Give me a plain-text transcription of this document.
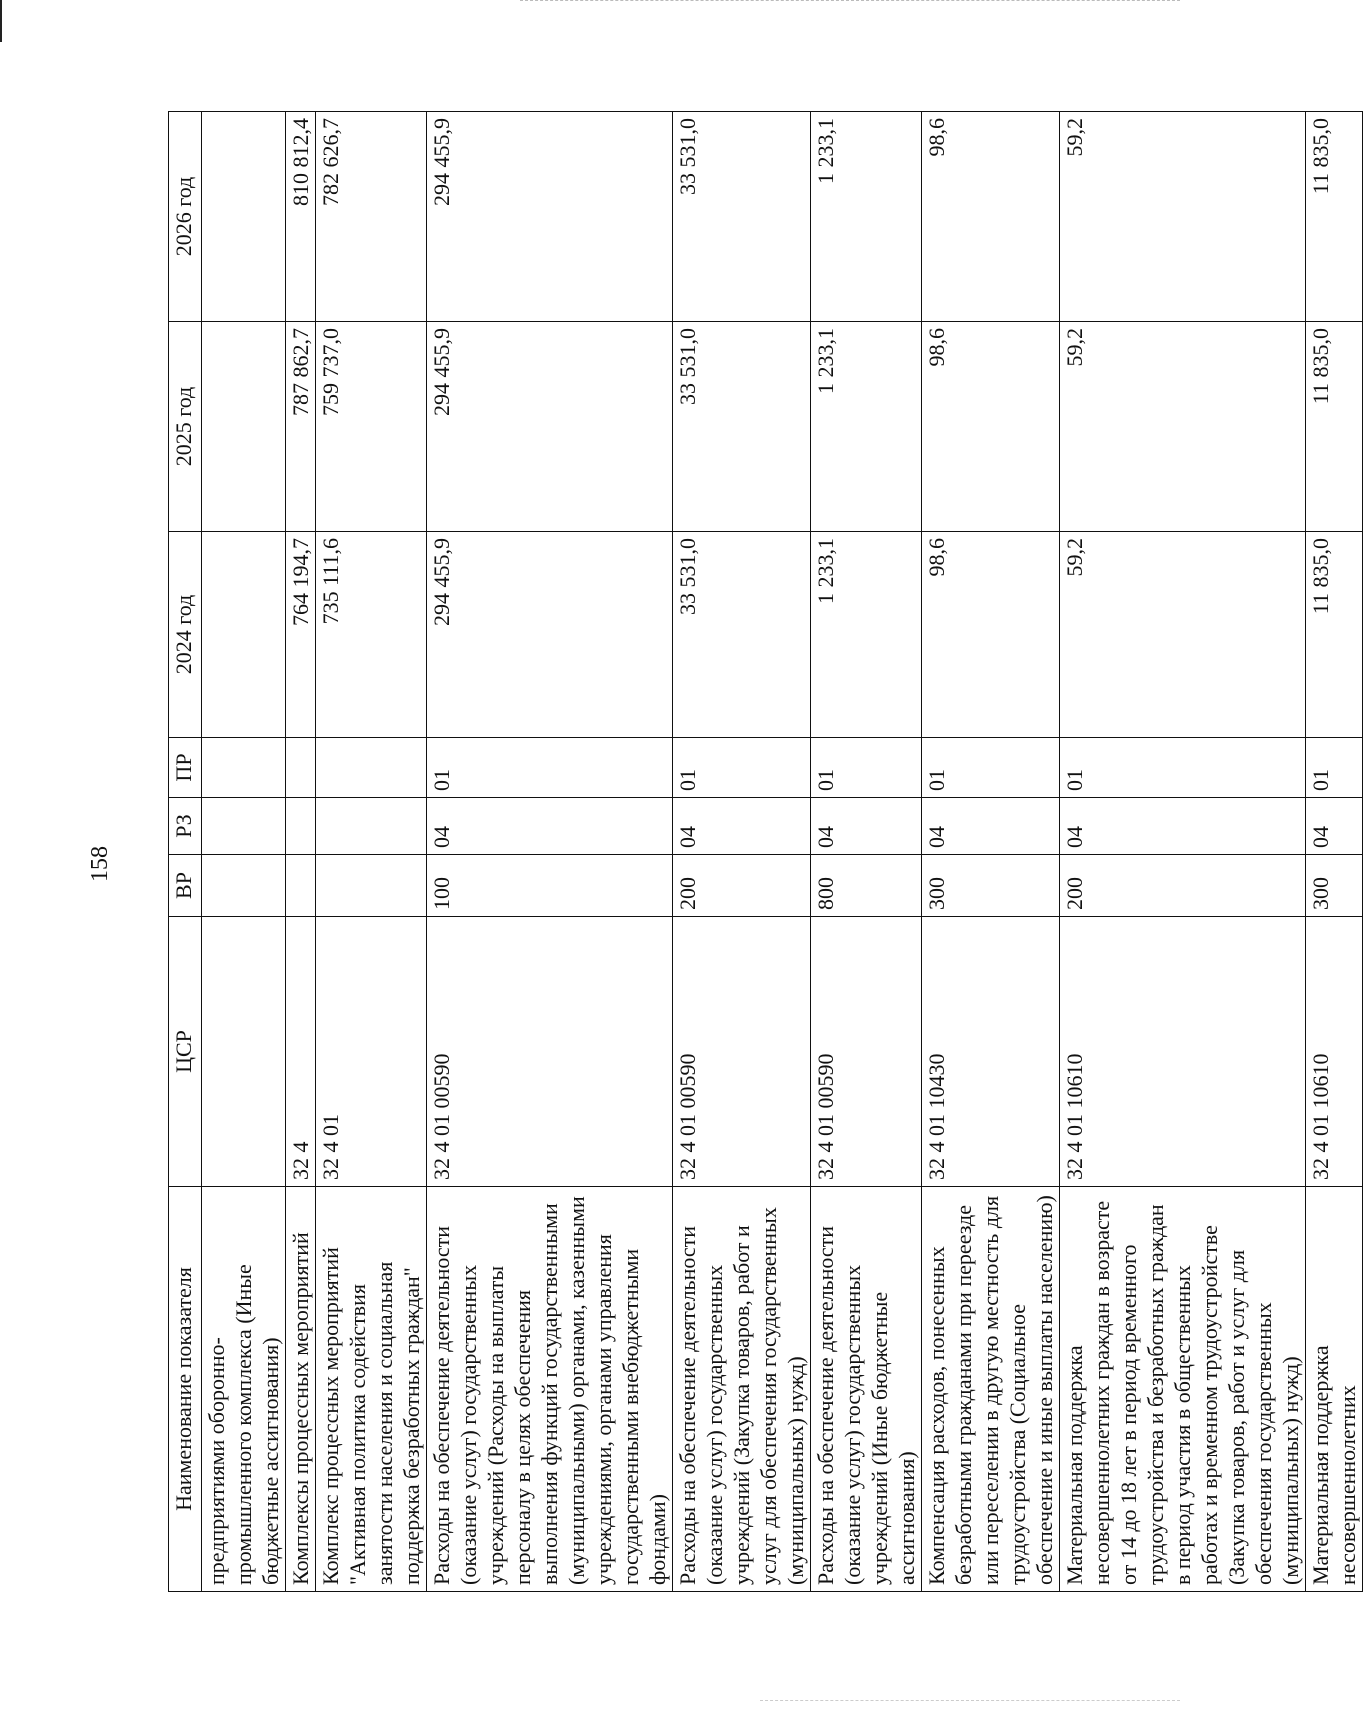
158
Наименование показателя	ЦСР	ВР	РЗ	ПР	2024 год	2025 год	2026 год
предприятиями оборонно-промышленного комплекса (Иные бюджетные ассигнования)							
Комплексы процессных мероприятий	32 4				764 194,7	787 862,7	810 812,4
Комплекс процессных мероприятий "Активная политика содействия занятости населения и социальная поддержка безработных граждан"	32 4 01				735 111,6	759 737,0	782 626,7
Расходы на обеспечение деятельности (оказание услуг) государственных учреждений (Расходы на выплаты персоналу в целях обеспечения выполнения функций государственными (муниципальными) органами, казенными учреждениями, органами управления государственными внебюджетными фондами)	32 4 01 00590	100	04	01	294 455,9	294 455,9	294 455,9
Расходы на обеспечение деятельности (оказание услуг) государственных учреждений (Закупка товаров, работ и услуг для обеспечения государственных (муниципальных) нужд)	32 4 01 00590	200	04	01	33 531,0	33 531,0	33 531,0
Расходы на обеспечение деятельности (оказание услуг) государственных учреждений (Иные бюджетные ассигнования)	32 4 01 00590	800	04	01	1 233,1	1 233,1	1 233,1
Компенсация расходов, понесенных безработными гражданами при переезде или переселении в другую местность для трудоустройства (Социальное обеспечение и иные выплаты населению)	32 4 01 10430	300	04	01	98,6	98,6	98,6
Материальная поддержка несовершеннолетних граждан в возрасте от 14 до 18 лет в период временного трудоустройства и безработных граждан в период участия в общественных работах и временном трудоустройстве (Закупка товаров, работ и услуг для обеспечения государственных (муниципальных) нужд)	32 4 01 10610	200	04	01	59,2	59,2	59,2
Материальная поддержка несовершеннолетних	32 4 01 10610	300	04	01	11 835,0	11 835,0	11 835,0
